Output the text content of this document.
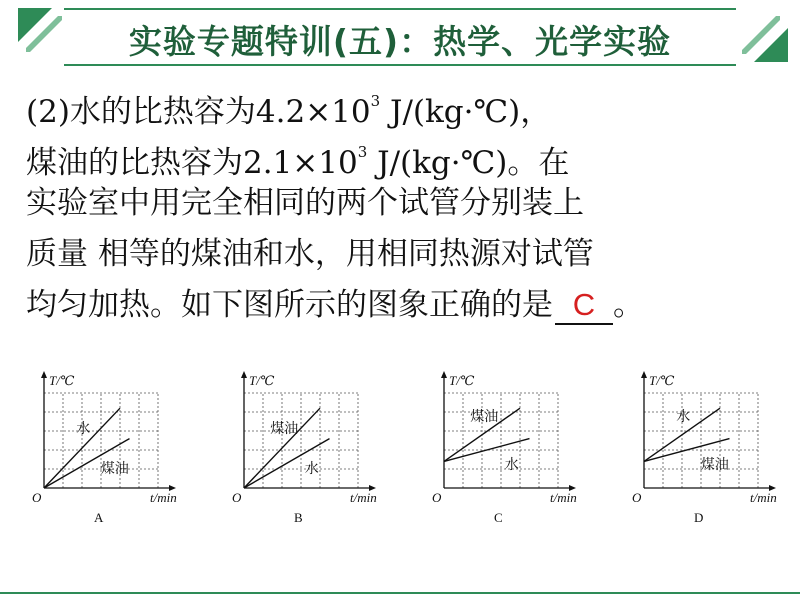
实验专题特训(五)：热学、光学实验
(2)水的比热容为$4.2\times 10^3$ J/(kg·℃)，
煤油的比热容为$2.1\times 10^3$ J/(kg·℃)。在
实验室中用完全相同的两个试管分别装上
质量 相等的煤油和水，用相同热源对试管
均匀加热。如下图所示的图象正确的是 C 。
水
煤油
T/℃
t/min
O
A
煤油
水
T/℃
t/min
O
B
煤油
水
T/℃
t/min
O
C
水
煤油
T/℃
t/min
O
D
